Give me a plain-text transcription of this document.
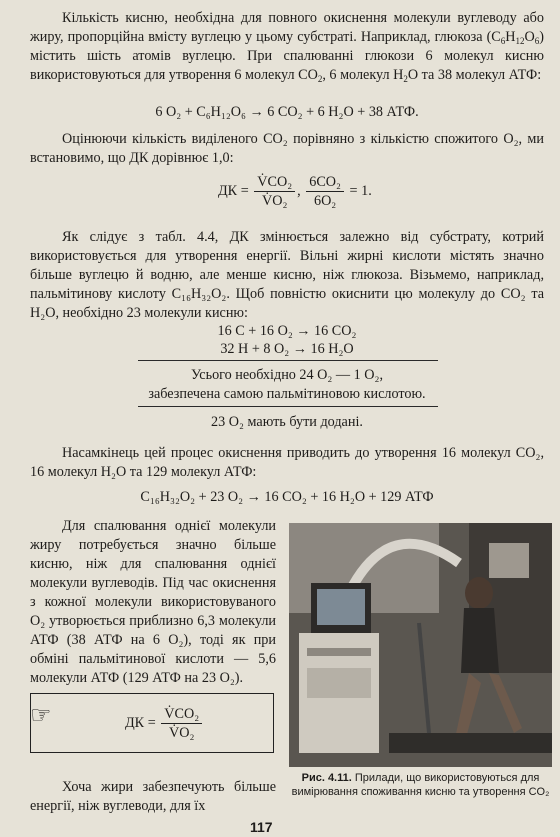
Кількість кисню, необхідна для повного окиснення молекули вуглеводу або жиру, пропорційна вмісту вуглецю у цьому субстраті. Наприклад, глюкоза $(C_6H_{12}O_6)$ містить шість атомів вуглецю. При спалюванні глюкози 6 молекул кисню використовуються для утворення 6 молекул $CO_2$, 6 молекул $H_2O$ та 38 молекул АТФ:

6 O₂ + C₆H₁₂O₆ → 6 CO₂ + 6 H₂O + 38 АТФ.

Оцінюючи кількість виділеного CO₂ порівняно з кількістю спожитого O₂, ми встановимо, що ДК дорівнює 1,0:

ДК = $\frac{\text{V̇CO₂}}{\text{V̇O₂}}$ , $\frac{\text{6CO₂}}{\text{6O₂}} = 1$.

Як слідує з табл. 4.4, ДК змінюється залежно від субстрату, котрий використовується для утворення енергії. Вільні жирні кислоти містять значно більше вуглецю й водню, але менше кисню, ніж глюкоза. Візьмемо, наприклад, пальмітинову кислоту C₁₆H₃₂O₂. Щоб повністю окиснити цю молекулу до CO₂ та H₂O, необхідно 23 молекули кисню:

16 C + 16 O₂ → 16 CO₂
32 H + 8 O₂ → 16 H₂O
Усього необхідно 24 O₂ — 1 O₂,
забезпечена самою пальмітиновою кислотою.
23 O₂ мають бути додані.

Насамкінець цей процес окиснення приводить до утворення 16 молекул CO₂, 16 молекул H₂O та 129 молекул АТФ:

C₁₆H₃₂O₂ + 23 O₂ → 16 CO₂ + 16 H₂O + 129 АТФ

Для спалювання однієї молекули жиру потребується значно більше кисню, ніж для спалювання однієї молекули вуглеводів. Під час окиснення з кожної молекули використовуваного O₂ утворюється приблизно 6,3 молекули АТФ (38 АТФ на 6 O₂), тоді як при обміні пальмітинової кислоти — 5,6 молекули АТФ (129 АТФ на 23 O₂).

ДК = $\frac{\text{V̇CO₂}}{\text{V̇O₂}}$
☞

Хоча жири забезпечують більше енергії, ніж вуглеводи, для їх

Рис. 4.11. Прилади, що використовуються для вимірювання споживання кисню та утворення CO₂
117
